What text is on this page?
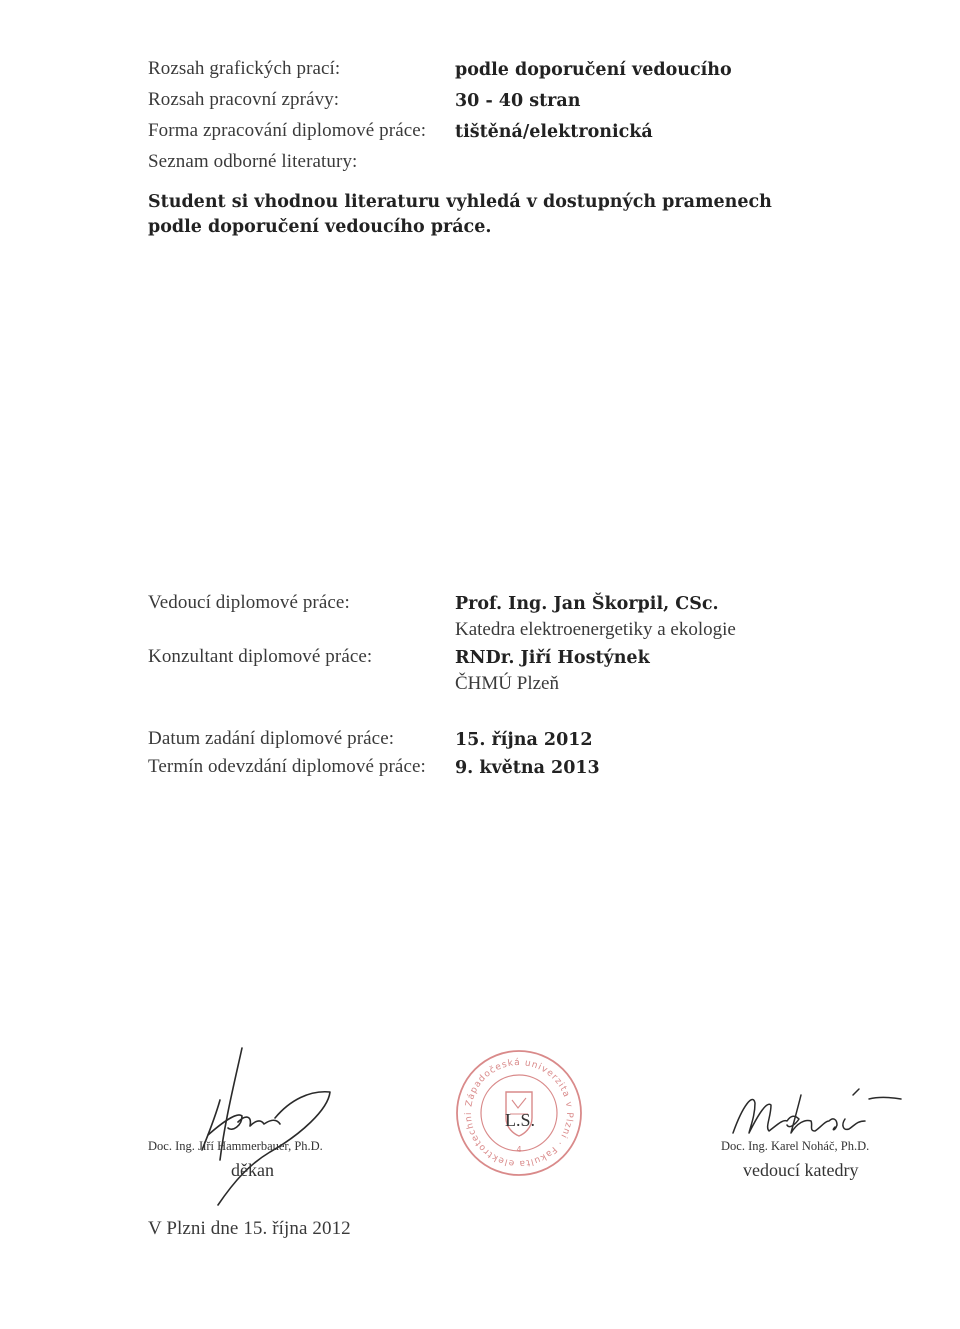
Rozsah grafických prací:	podle doporučení vedoucího
Rozsah pracovní zprávy:	30 - 40 stran
Forma zpracování diplomové práce: tištěná/elektronická
Seznam odborné literatury:
Student si vhodnou literaturu vyhledá v dostupných pramenech podle doporučení vedoucího práce.
Vedoucí diplomové práce:	Prof. Ing. Jan Škorpil, CSc.
Katedra elektroenergetiky a ekologie
Konzultant diplomové práce:	RNDr. Jiří Hostýnek
ČHMÚ Plzeň
Datum zadání diplomové práce:	15. října 2012
Termín odevzdání diplomové práce: 9. května 2013
Doc. Ing. Jiří Hammerbauer, Ph.D.
děkan
Západočeská univerzita v Plzni · Fakulta elektrotechnická
4
L.S.
Doc. Ing. Karel Noháč, Ph.D.
vedoucí katedry
V Plzni dne 15. října 2012
